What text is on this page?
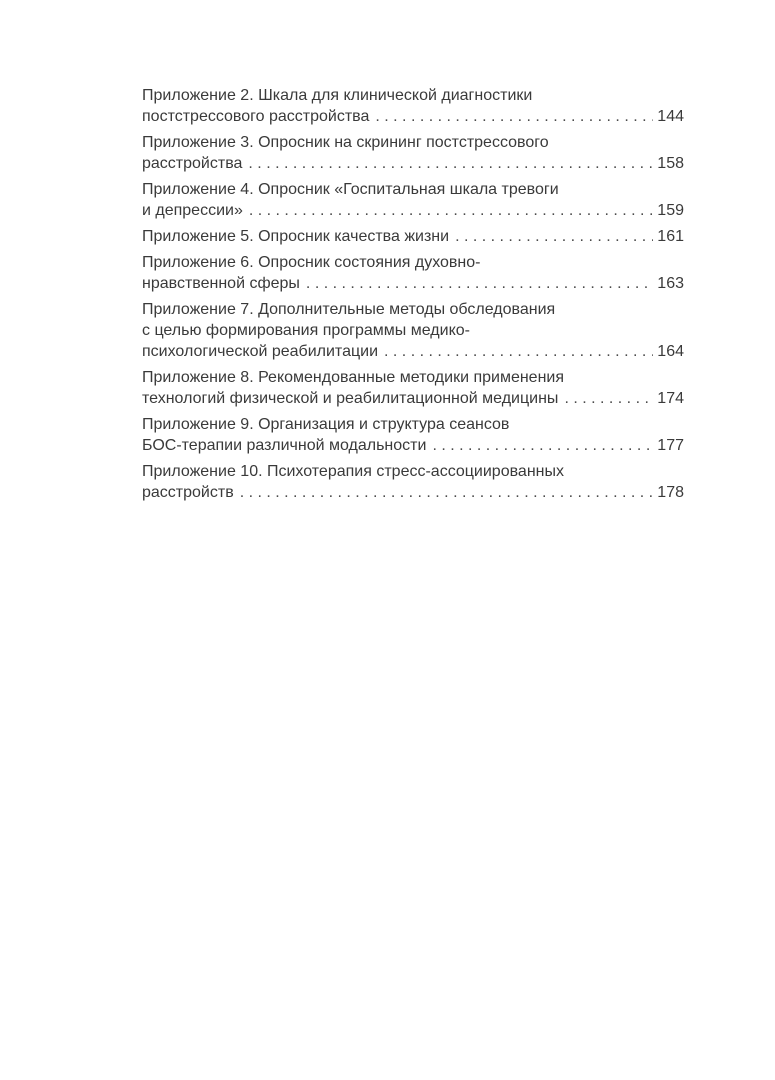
Приложение 2. Шкала для клинической диагностики
постстрессового расстройства . . .	144
Приложение 3. Опросник на скрининг постстрессового
расстройства . . .	158
Приложение 4. Опросник «Госпитальная шкала тревоги
и депрессии» . . .	159
Приложение 5. Опросник качества жизни . . .	161
Приложение 6. Опросник состояния духовно-
нравственной сферы . . .	163
Приложение 7. Дополнительные методы обследования
с целью формирования программы медико-
психологической реабилитации . . .	164
Приложение 8. Рекомендованные методики применения
технологий физической и реабилитационной медицины . . .	174
Приложение 9. Организация и структура сеансов
БОС-терапии различной модальности . . .	177
Приложение 10. Психотерапия стресс-ассоциированных
расстройств . . .	178
